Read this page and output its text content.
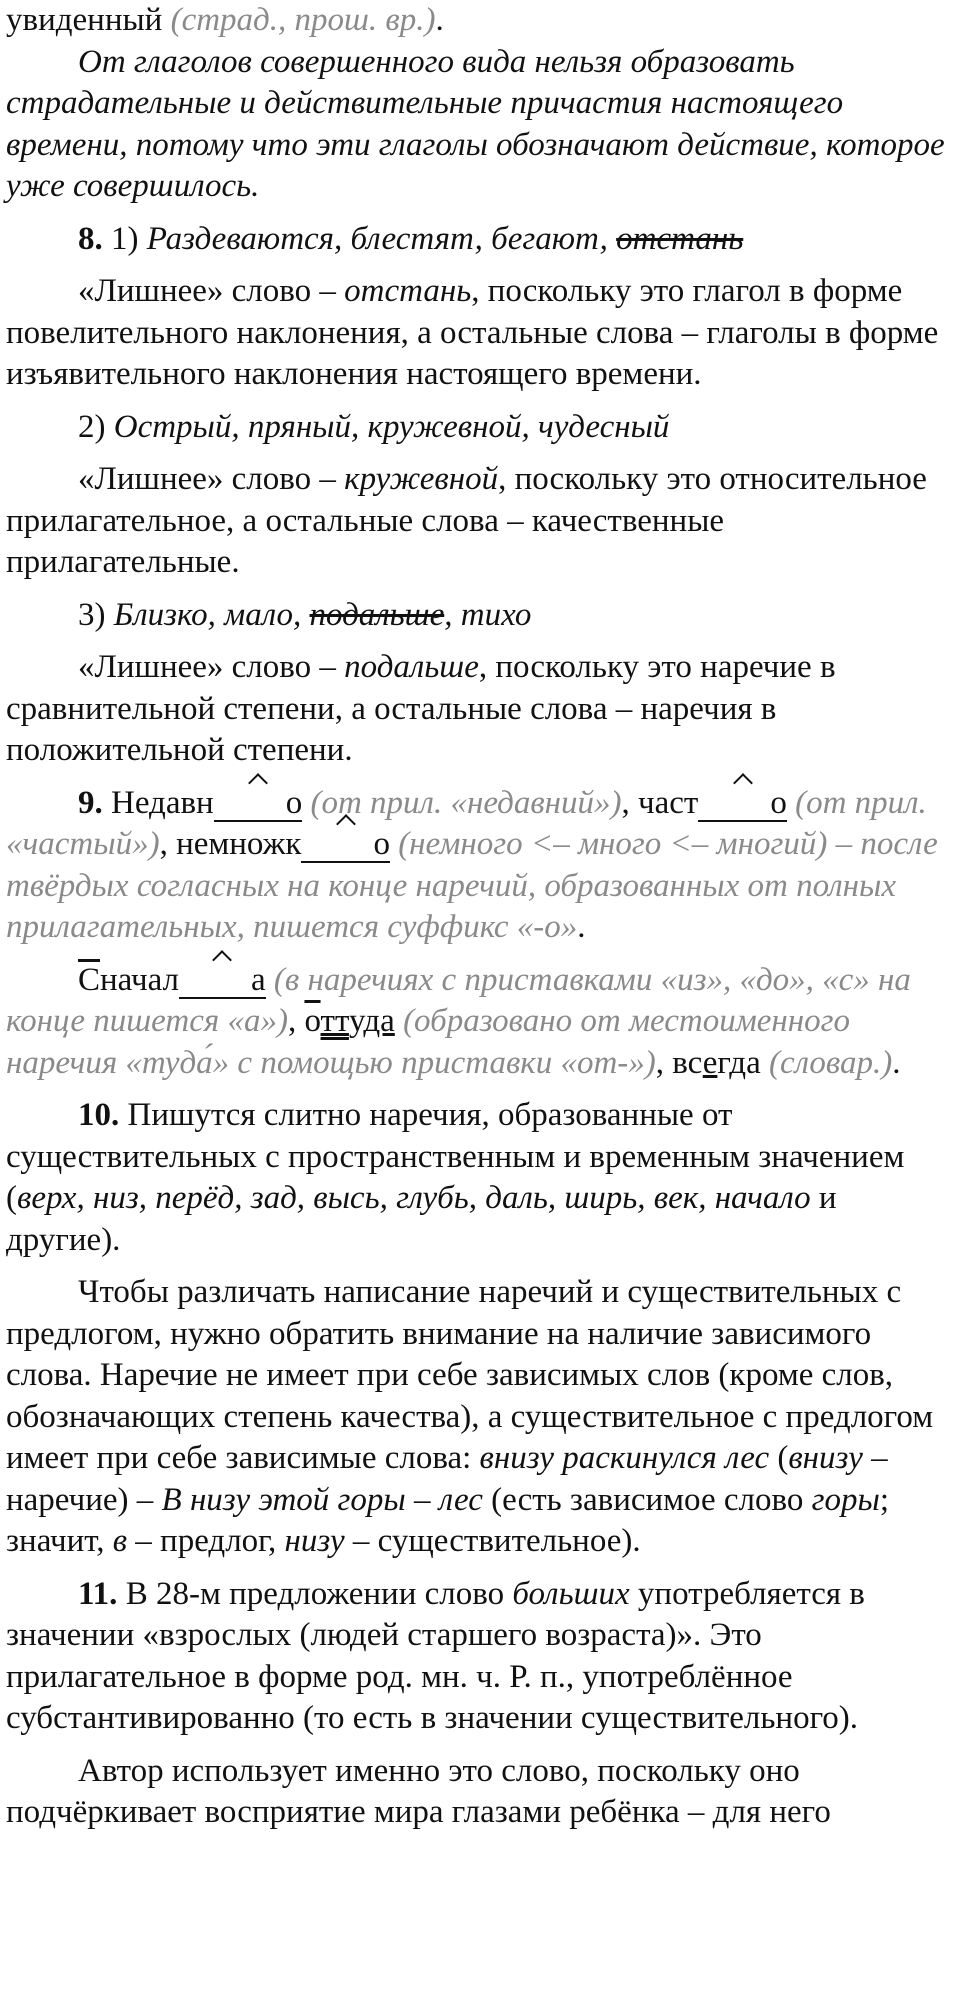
увиденный (страд., прош. вр.).

От глаголов совершенного вида нельзя образовать страдательные и действительные причастия настоящего времени, потому что эти глаголы обозначают действие, которое уже совершилось.

8. 1) Раздеваются, блестят, бегают, отстань

«Лишнее» слово – отстань, поскольку это глагол в форме повелительного наклонения, а остальные слова – глаголы в форме изъявительного наклонения настоящего времени.

2) Острый, пряный, кружевной, чудесный

«Лишнее» слово – кружевной, поскольку это относительное прилагательное, а остальные слова – качественные прилагательные.

3) Близко, мало, подальше, тихо

«Лишнее» слово – подальше, поскольку это наречие в сравнительной степени, а остальные слова – наречия в положительной степени.

9. Недавн о (от прил. «недавний»), част о (от прил. «частый»), немножк о (немного <– много <– многий) – после твёрдых согласных на конце наречий, образованных от полных прилагательных, пишется суффикс «-о».

Сначал а (в наречиях с приставками «из», «до», «с» на конце пишется «а»), оттуда (образовано от местоименного наречия «туда́» с помощью приставки «от-»), всегда (словар.).

10. Пишутся слитно наречия, образованные от существительных с пространственным и временным значением (верх, низ, перёд, зад, высь, глубь, даль, ширь, век, начало и другие).

Чтобы различать написание наречий и существительных с предлогом, нужно обратить внимание на наличие зависимого слова. Наречие не имеет при себе зависимых слов (кроме слов, обозначающих степень качества), а существительное с предлогом имеет при себе зависимые слова: внизу раскинулся лес (внизу – наречие) – В низу этой горы – лес (есть зависимое слово горы; значит, в – предлог, низу – существительное).

11. В 28-м предложении слово больших употребляется в значении «взрослых (людей старшего возраста)». Это прилагательное в форме род. мн. ч. Р. п., употреблённое субстантивированно (то есть в значении существительного).

Автор использует именно это слово, поскольку оно подчёркивает восприятие мира глазами ребёнка – для него
